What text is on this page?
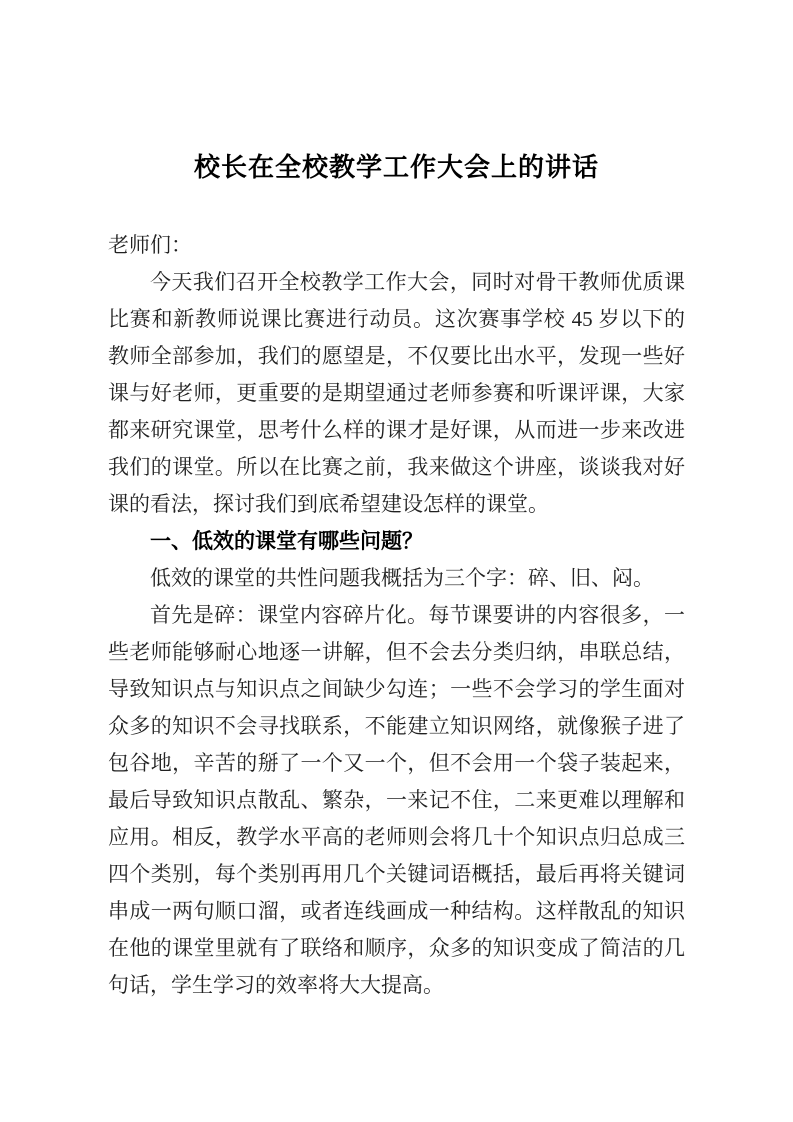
校长在全校教学工作大会上的讲话

老师们：

今天我们召开全校教学工作大会，同时对骨干教师优质课比赛和新教师说课比赛进行动员。这次赛事学校 45 岁以下的教师全部参加，我们的愿望是，不仅要比出水平，发现一些好课与好老师，更重要的是期望通过老师参赛和听课评课，大家都来研究课堂，思考什么样的课才是好课，从而进一步来改进我们的课堂。所以在比赛之前，我来做这个讲座，谈谈我对好课的看法，探讨我们到底希望建设怎样的课堂。

一、低效的课堂有哪些问题？

低效的课堂的共性问题我概括为三个字：碎、旧、闷。

首先是碎：课堂内容碎片化。每节课要讲的内容很多，一些老师能够耐心地逐一讲解，但不会去分类归纳，串联总结，导致知识点与知识点之间缺少勾连；一些不会学习的学生面对众多的知识不会寻找联系，不能建立知识网络，就像猴子进了包谷地，辛苦的掰了一个又一个，但不会用一个袋子装起来，最后导致知识点散乱、繁杂，一来记不住，二来更难以理解和应用。相反，教学水平高的老师则会将几十个知识点归总成三四个类别，每个类别再用几个关键词语概括，最后再将关键词串成一两句顺口溜，或者连线画成一种结构。这样散乱的知识在他的课堂里就有了联络和顺序，众多的知识变成了简洁的几句话，学生学习的效率将大大提高。
